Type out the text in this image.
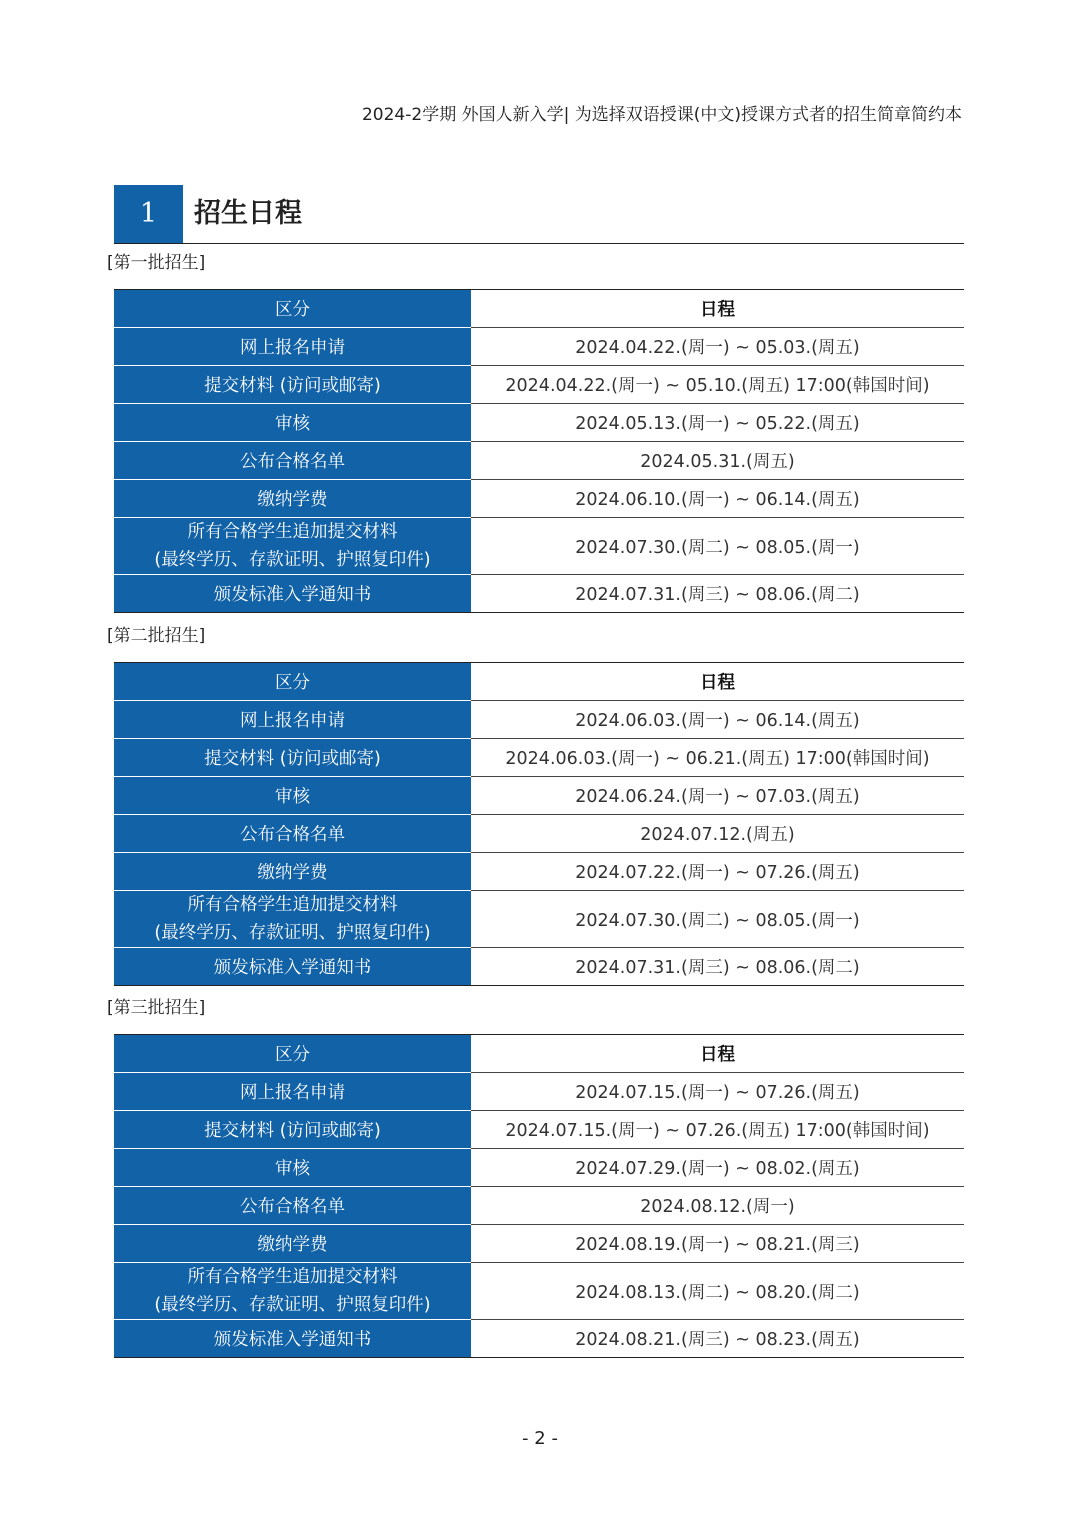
2024-2学期 外国人新入学| 为选择双语授课(中文)授课方式者的招生简章简约本
1	招生日程
[第一批招生]
区分	日程
网上报名申请	2024.04.22.(周一) ~ 05.03.(周五)
提交材料 (访问或邮寄)	2024.04.22.(周一) ~ 05.10.(周五) 17:00(韩国时间)
审核	2024.05.13.(周一) ~ 05.22.(周五)
公布合格名单	2024.05.31.(周五)
缴纳学费	2024.06.10.(周一) ~ 06.14.(周五)

所有合格学生追加提交材料
(最终学历、存款证明、护照复印件)	2024.07.30.(周二) ~ 08.05.(周一)
颁发标准入学通知书	2024.07.31.(周三) ~ 08.06.(周二)
[第二批招生]
区分	日程
网上报名申请	2024.06.03.(周一) ~ 06.14.(周五)
提交材料 (访问或邮寄)	2024.06.03.(周一) ~ 06.21.(周五) 17:00(韩国时间)
审核	2024.06.24.(周一) ~ 07.03.(周五)
公布合格名单	2024.07.12.(周五)
缴纳学费	2024.07.22.(周一) ~ 07.26.(周五)

所有合格学生追加提交材料
(最终学历、存款证明、护照复印件)	2024.07.30.(周二) ~ 08.05.(周一)
颁发标准入学通知书	2024.07.31.(周三) ~ 08.06.(周二)
[第三批招生]
区分	日程
网上报名申请	2024.07.15.(周一) ~ 07.26.(周五)
提交材料 (访问或邮寄)	2024.07.15.(周一) ~ 07.26.(周五) 17:00(韩国时间)
审核	2024.07.29.(周一) ~ 08.02.(周五)
公布合格名单	2024.08.12.(周一)
缴纳学费	2024.08.19.(周一) ~ 08.21.(周三)

所有合格学生追加提交材料
(最终学历、存款证明、护照复印件)	2024.08.13.(周二) ~ 08.20.(周二)
颁发标准入学通知书	2024.08.21.(周三) ~ 08.23.(周五)
- 2 -
